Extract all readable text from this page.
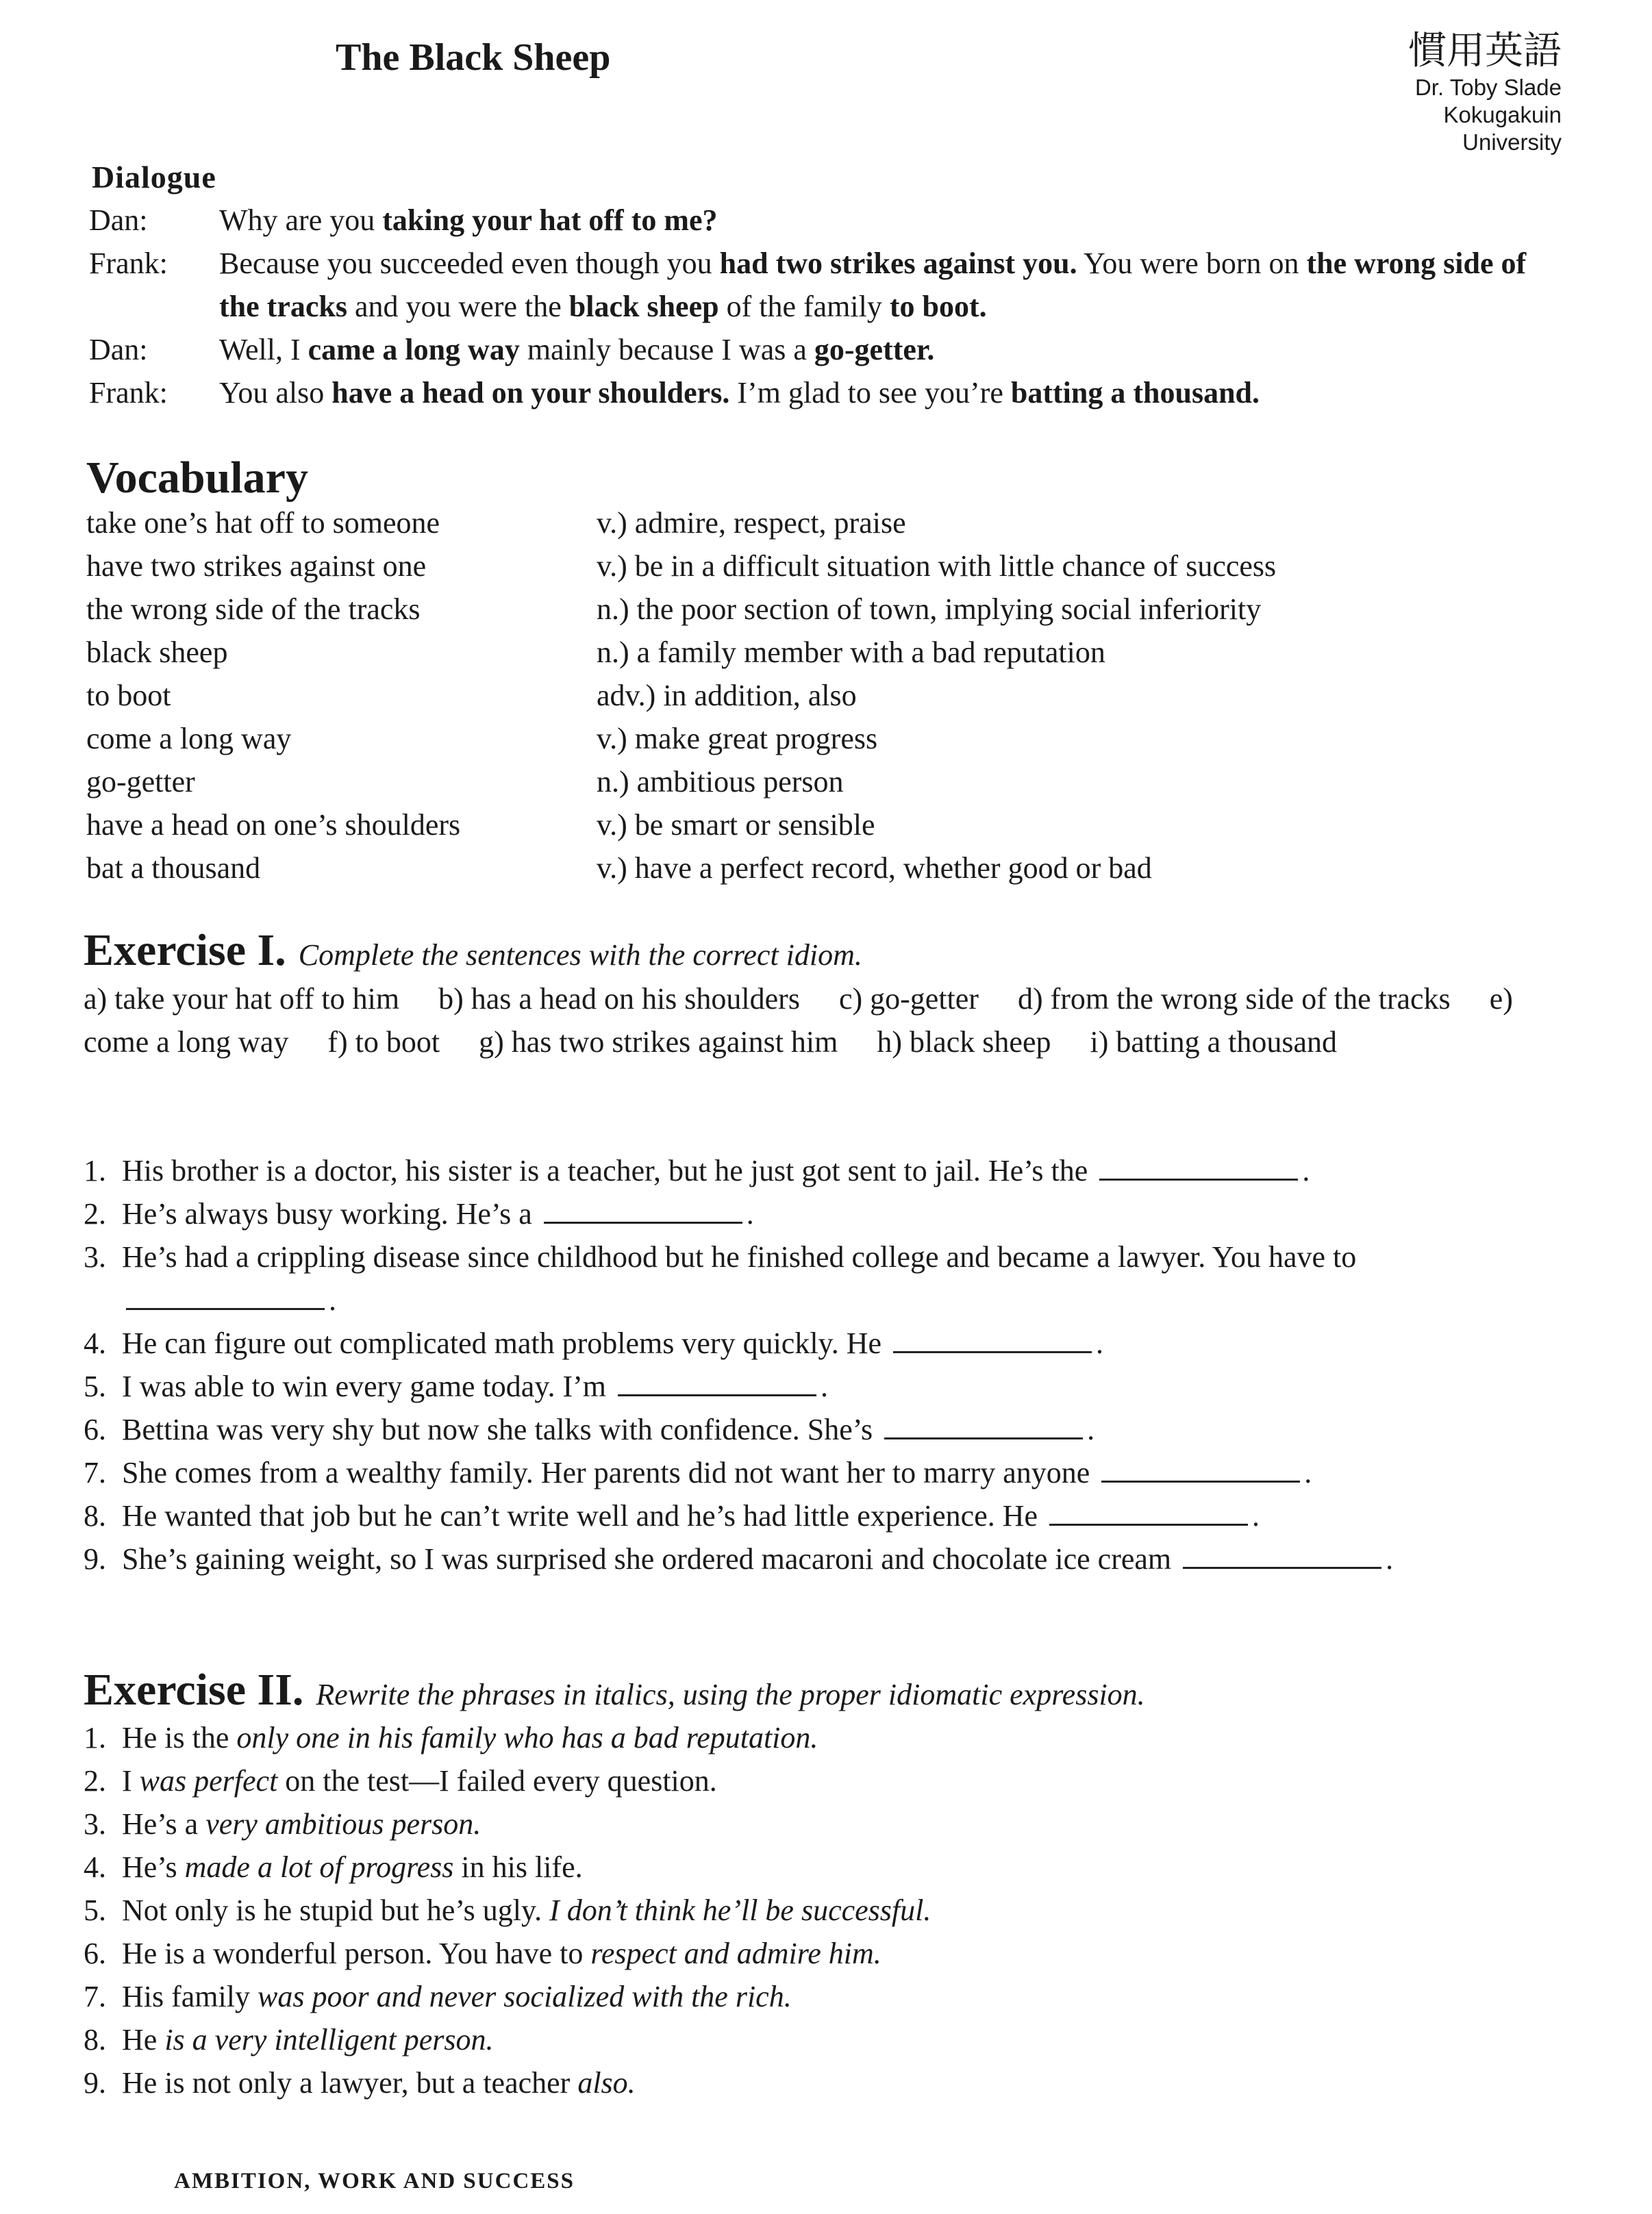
The Black Sheep	慣用英語
Dr. Toby Slade
Kokugakuin
University
Dialogue
Dan:	Why are you taking your hat off to me?
Frank:	Because you succeeded even though you had two strikes against you. You were born on the wrong side of the tracks and you were the black sheep of the family to boot.
Dan:	Well, I came a long way mainly because I was a go-getter.
Frank:	You also have a head on your shoulders. I’m glad to see you’re batting a thousand.
Vocabulary
take one’s hat off to someone	v.) admire, respect, praise
have two strikes against one	v.) be in a difficult situation with little chance of success
the wrong side of the tracks	n.) the poor section of town, implying social inferiority
black sheep	n.) a family member with a bad reputation
to boot	adv.) in addition, also
come a long way	v.) make great progress
go-getter	n.) ambitious person
have a head on one’s shoulders	v.) be smart or sensible
bat a thousand	v.) have a perfect record, whether good or bad
Exercise I. Complete the sentences with the correct idiom.
a) take your hat off to him b) has a head on his shoulders c) go-getter d) from the wrong side of the tracks e) come a long way f) to boot g) has two strikes against him h) black sheep i) batting a thousand
1. His brother is a doctor, his sister is a teacher, but he just got sent to jail. He’s the	.
2. He’s always busy working. He’s a	.
3. He’s had a crippling disease since childhood but he finished college and became a lawyer. You have to .
4. He can figure out complicated math problems very quickly. He	.
5. I was able to win every game today. I’m	.
6. Bettina was very shy but now she talks with confidence. She’s	.
7. She comes from a wealthy family. Her parents did not want her to marry anyone	.
8. He wanted that job but he can’t write well and he’s had little experience. He	.
9. She’s gaining weight, so I was surprised she ordered macaroni and chocolate ice cream	.
Exercise II. Rewrite the phrases in italics, using the proper idiomatic expression.
1. He is the only one in his family who has a bad reputation.
2. I was perfect on the test—I failed every question.
3. He’s a very ambitious person.
4. He’s made a lot of progress in his life.
5. Not only is he stupid but he’s ugly. I don’t think he’ll be successful.
6. He is a wonderful person. You have to respect and admire him.
7. His family was poor and never socialized with the rich.
8. He is a very intelligent person.
9. He is not only a lawyer, but a teacher also.
AMBITION, WORK AND SUCCESS
